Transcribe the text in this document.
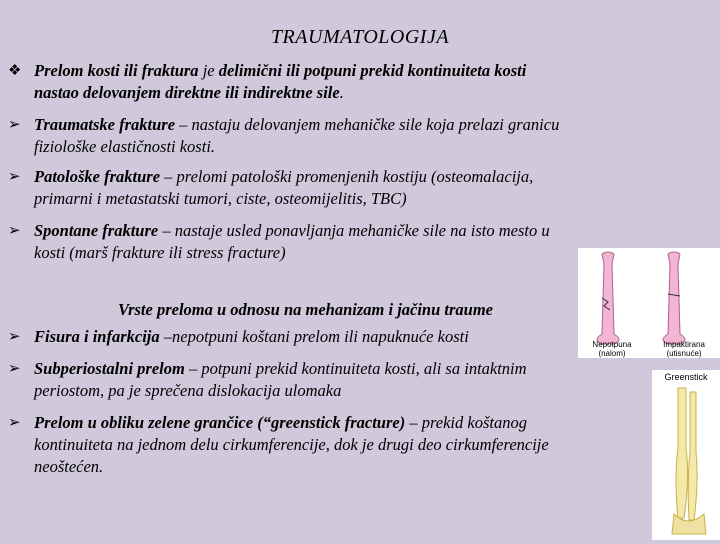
TRAUMATOLOGIJA
❖ Prelom kosti ili fraktura je delimični ili potpuni prekid kontinuiteta kosti
nastao delovanjem direktne ili indirektne sile.
➢ Traumatske frakture – nastaju delovanjem mehaničke sile koja prelazi granicu
fiziološke elastičnosti kosti.
➢ Patološke frakture – prelomi patološki promenjenih kostiju (osteomalacija,
primarni i metastatski tumori, ciste, osteomijelitis, TBC)
➢ Spontane frakture – nastaje usled ponavljanja mehaničke sile na isto mesto u
kosti (marš frakture ili stress fracture)
Nepotpuna
(nalom)
Impaktirana
(utisnuće)
Vrste preloma u odnosu na mehanizam i jačinu traume
➢ Fisura i infarkcija –nepotpuni koštani prelom ili napuknuće kosti
➢ Subperiostalni prelom – potpuni prekid kontinuiteta kosti, ali sa intaktnim
periostom, pa je sprečena dislokacija ulomaka
➢ Prelom u obliku zelene grančice (“greenstick fracture) – prekid koštanog
kontinuiteta na jednom delu cirkumferencije, dok je drugi deo cirkumferencije
neoštećen.
Greenstick
